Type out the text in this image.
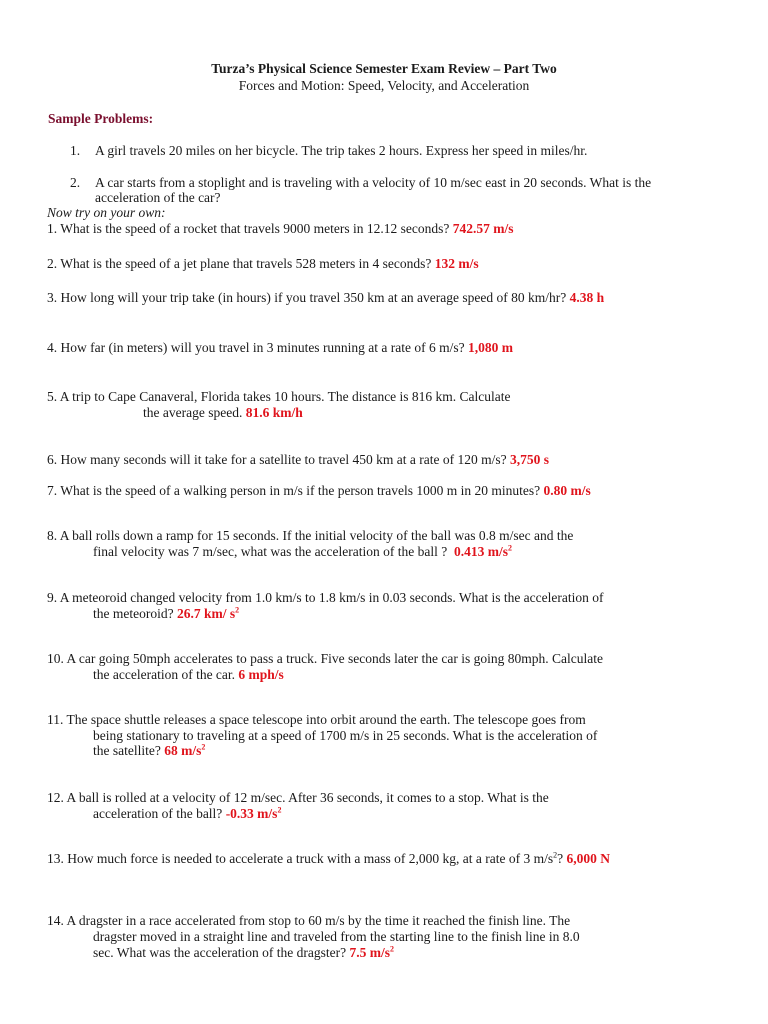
Turza’s Physical Science Semester Exam Review – Part Two
Forces and Motion: Speed, Velocity, and Acceleration
Sample Problems:
1. A girl travels 20 miles on her bicycle. The trip takes 2 hours. Express her speed in miles/hr.
2. A car starts from a stoplight and is traveling with a velocity of 10 m/sec east in 20 seconds. What is the
acceleration of the car?
Now try on your own:
1. What is the speed of a rocket that travels 9000 meters in 12.12 seconds? 742.57 m/s
2. What is the speed of a jet plane that travels 528 meters in 4 seconds? 132 m/s
3. How long will your trip take (in hours) if you travel 350 km at an average speed of 80 km/hr? 4.38 h
4. How far (in meters) will you travel in 3 minutes running at a rate of 6 m/s? 1,080 m
5. A trip to Cape Canaveral, Florida takes 10 hours. The distance is 816 km. Calculate
the average speed. 81.6 km/h
6. How many seconds will it take for a satellite to travel 450 km at a rate of 120 m/s? 3,750 s
7. What is the speed of a walking person in m/s if the person travels 1000 m in 20 minutes? 0.80 m/s
8. A ball rolls down a ramp for 15 seconds. If the initial velocity of the ball was 0.8 m/sec and the
final velocity was 7 m/sec, what was the acceleration of the ball ? 0.413 $m/s^2$
9. A meteoroid changed velocity from 1.0 km/s to 1.8 km/s in 0.03 seconds. What is the acceleration of
the meteoroid? 26.7 km/ $s^2$
10. A car going 50mph accelerates to pass a truck. Five seconds later the car is going 80mph. Calculate
the acceleration of the car. 6 mph/s
11. The space shuttle releases a space telescope into orbit around the earth. The telescope goes from
being stationary to traveling at a speed of 1700 m/s in 25 seconds. What is the acceleration of
the satellite? 68 $m/s^2$
12. A ball is rolled at a velocity of 12 m/sec. After 36 seconds, it comes to a stop. What is the
acceleration of the ball? -0.33 $m/s^2$
13. How much force is needed to accelerate a truck with a mass of 2,000 kg, at a rate of 3 $m/s^2$? 6,000 N
14. A dragster in a race accelerated from stop to 60 m/s by the time it reached the finish line. The
dragster moved in a straight line and traveled from the starting line to the finish line in 8.0
sec. What was the acceleration of the dragster? 7.5 $m/s^2$
